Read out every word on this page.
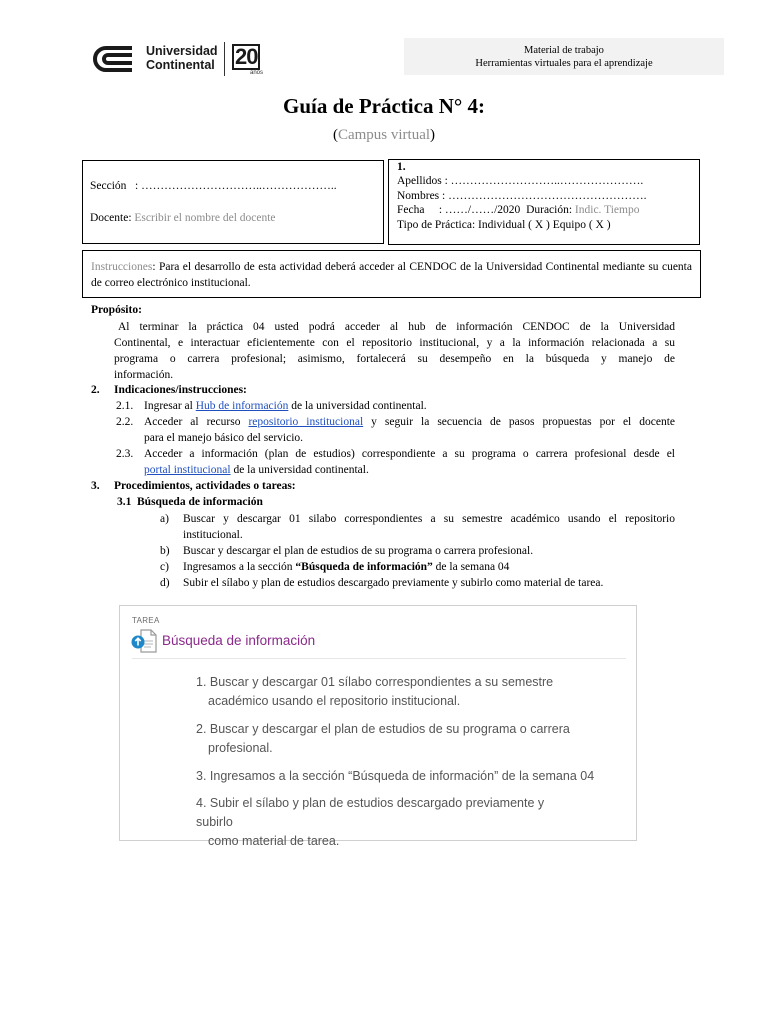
Universidad
Continental 20
años
Material de trabajo
Herramientas virtuales para el aprendizaje
Guía de Práctica N° 4:
(Campus virtual)
Sección : …………………………..………………..
Docente: Escribir el nombre del docente
1.
Apellidos : ………………………..………………….
Nombres : …………………………………………….
Fecha : ……/……/2020 Duración: Indic. Tiempo
Tipo de Práctica: Individual ( X ) Equipo ( X )
Instrucciones: Para el desarrollo de esta actividad deberá acceder al CENDOC de la Universidad Continental mediante su cuenta de correo electrónico institucional.
Propósito:
Al terminar la práctica 04 usted podrá acceder al hub de información CENDOC de la Universidad
Continental, e interactuar eficientemente con el repositorio institucional, y a la información relacionada a su
programa o carrera profesional; asimismo, fortalecerá su desempeño en la búsqueda y manejo de
información.
2. Indicaciones/instrucciones:
2.1. Ingresar al Hub de información de la universidad continental.
2.2. Acceder al recurso repositorio institucional y seguir la secuencia de pasos propuestas por el docente
para el manejo básico del servicio.
2.3. Acceder a información (plan de estudios) correspondiente a su programa o carrera profesional desde el
portal institucional de la universidad continental.
3. Procedimientos, actividades o tareas:
3.1 Búsqueda de información
a) Buscar y descargar 01 silabo correspondientes a su semestre académico usando el repositorio
institucional.
b) Buscar y descargar el plan de estudios de su programa o carrera profesional.
c) Ingresamos a la sección “Búsqueda de información” de la semana 04
d) Subir el sílabo y plan de estudios descargado previamente y subirlo como material de tarea.
TAREA
Búsqueda de información
1. Buscar y descargar 01 sílabo correspondientes a su semestre
académico usando el repositorio institucional.
2. Buscar y descargar el plan de estudios de su programa o carrera
profesional.
3. Ingresamos a la sección “Búsqueda de información” de la semana 04
4. Subir el sílabo y plan de estudios descargado previamente y subirlo
como material de tarea.
